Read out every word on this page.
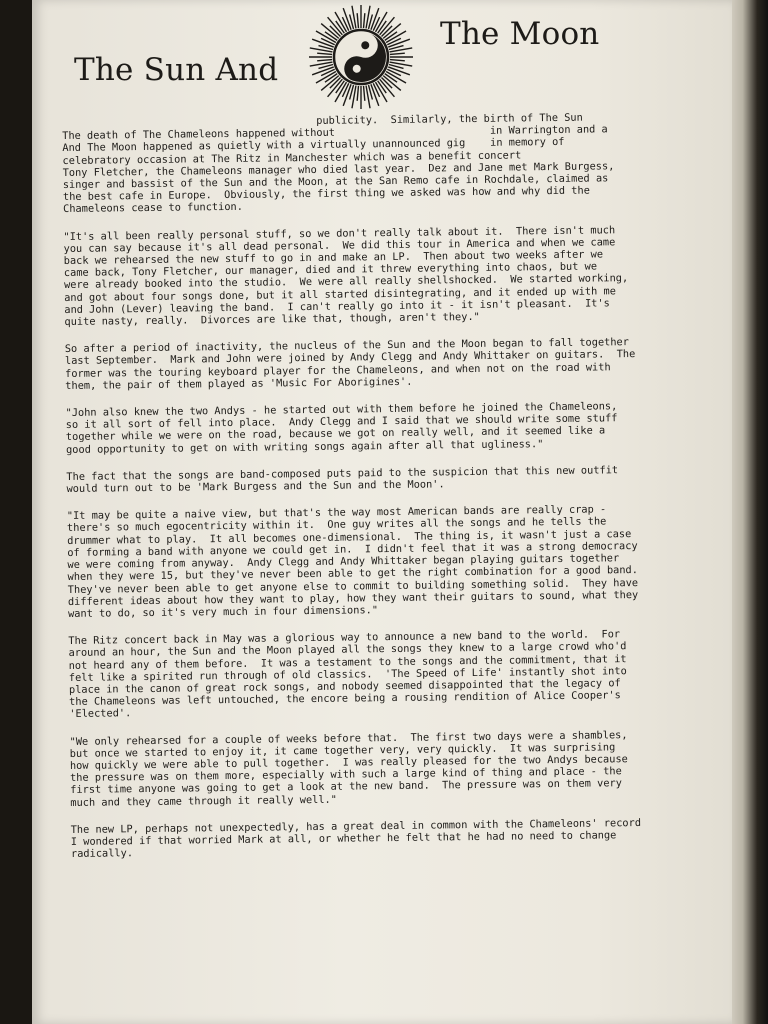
The Sun And
The Moon

publicity.  Similarly, the birth of The Sun
The death of The Chameleons happened without                         in Warrington and a
And The Moon happened as quietly with a virtually unannounced gig    in memory of
celebratory occasion at The Ritz in Manchester which was a benefit concert
Tony Fletcher, the Chameleons manager who died last year.  Dez and Jane met Mark Burgess,
singer and bassist of the Sun and the Moon, at the San Remo cafe in Rochdale, claimed as
the best cafe in Europe.  Obviously, the first thing we asked was how and why did the
Chameleons cease to function.

"It's all been really personal stuff, so we don't really talk about it.  There isn't much
you can say because it's all dead personal.  We did this tour in America and when we came
back we rehearsed the new stuff to go in and make an LP.  Then about two weeks after we
came back, Tony Fletcher, our manager, died and it threw everything into chaos, but we
were already booked into the studio.  We were all really shellshocked.  We started working,
and got about four songs done, but it all started disintegrating, and it ended up with me
and John (Lever) leaving the band.  I can't really go into it - it isn't pleasant.  It's
quite nasty, really.  Divorces are like that, though, aren't they."

So after a period of inactivity, the nucleus of the Sun and the Moon began to fall together
last September.  Mark and John were joined by Andy Clegg and Andy Whittaker on guitars.  The
former was the touring keyboard player for the Chameleons, and when not on the road with
them, the pair of them played as 'Music For Aborigines'.

"John also knew the two Andys - he started out with them before he joined the Chameleons,
so it all sort of fell into place.  Andy Clegg and I said that we should write some stuff
together while we were on the road, because we got on really well, and it seemed like a
good opportunity to get on with writing songs again after all that ugliness."

The fact that the songs are band-composed puts paid to the suspicion that this new outfit
would turn out to be 'Mark Burgess and the Sun and the Moon'.

"It may be quite a naive view, but that's the way most American bands are really crap -
there's so much egocentricity within it.  One guy writes all the songs and he tells the
drummer what to play.  It all becomes one-dimensional.  The thing is, it wasn't just a case
of forming a band with anyone we could get in.  I didn't feel that it was a strong democracy
we were coming from anyway.  Andy Clegg and Andy Whittaker began playing guitars together
when they were 15, but they've never been able to get the right combination for a good band.
They've never been able to get anyone else to commit to building something solid.  They have
different ideas about how they want to play, how they want their guitars to sound, what they
want to do, so it's very much in four dimensions."

The Ritz concert back in May was a glorious way to announce a new band to the world.  For
around an hour, the Sun and the Moon played all the songs they knew to a large crowd who'd
not heard any of them before.  It was a testament to the songs and the commitment, that it
felt like a spirited run through of old classics.  'The Speed of Life' instantly shot into
place in the canon of great rock songs, and nobody seemed disappointed that the legacy of
the Chameleons was left untouched, the encore being a rousing rendition of Alice Cooper's
'Elected'.

"We only rehearsed for a couple of weeks before that.  The first two days were a shambles,
but once we started to enjoy it, it came together very, very quickly.  It was surprising
how quickly we were able to pull together.  I was really pleased for the two Andys because
the pressure was on them more, especially with such a large kind of thing and place - the
first time anyone was going to get a look at the new band.  The pressure was on them very
much and they came through it really well."

The new LP, perhaps not unexpectedly, has a great deal in common with the Chameleons' record
I wondered if that worried Mark at all, or whether he felt that he had no need to change
radically.
